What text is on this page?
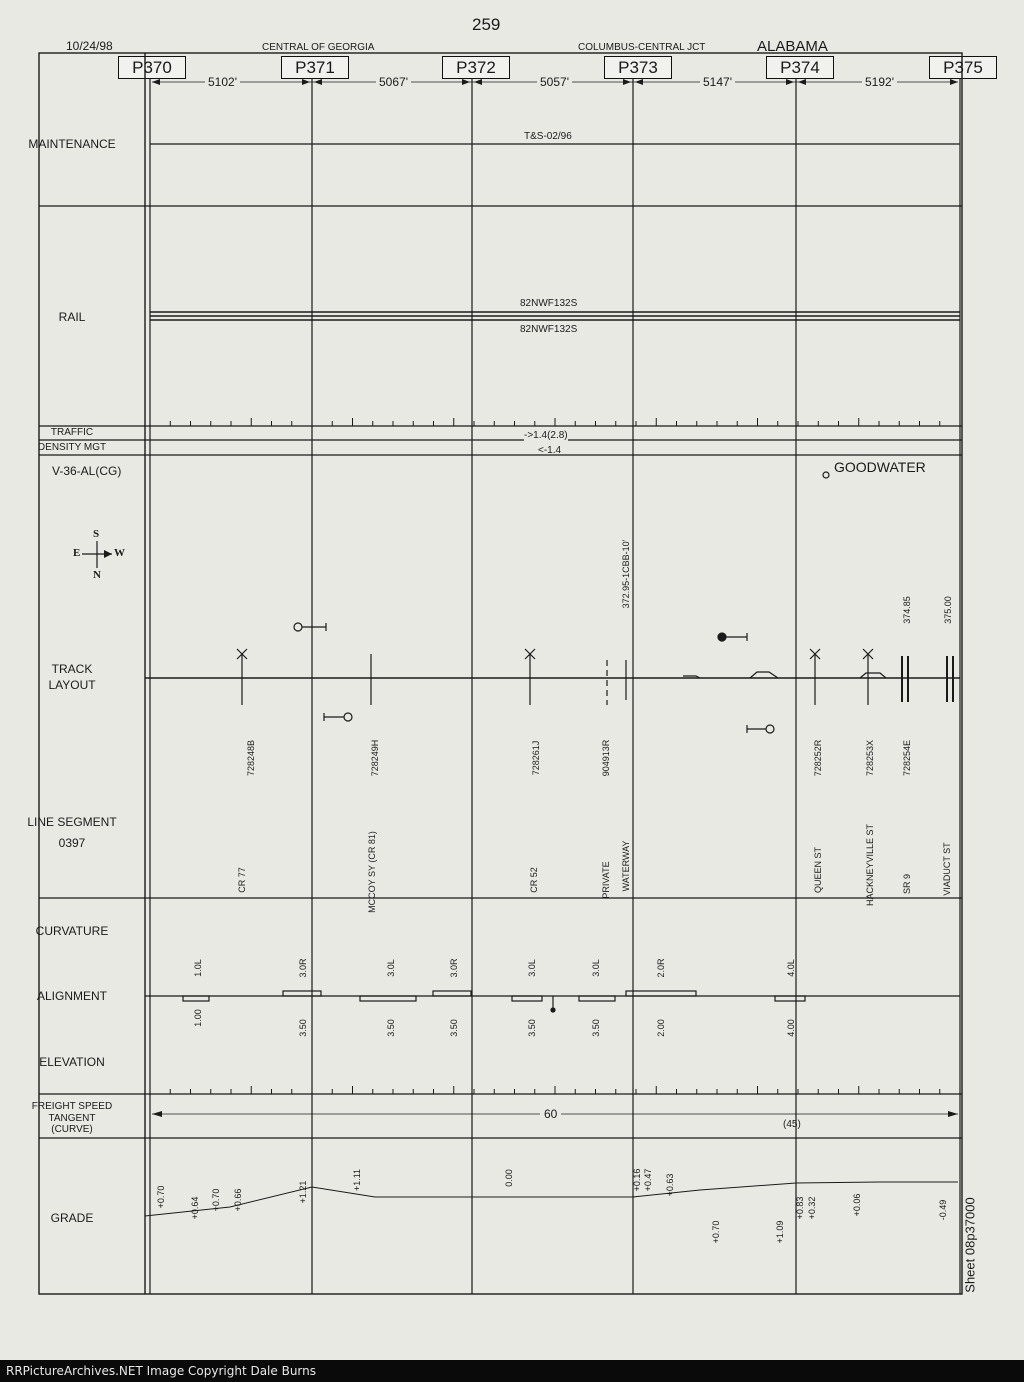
259
10/24/98	CENTRAL OF GEORGIA	COLUMBUS-CENTRAL JCT	ALABAMA
P370	P371	P372	P373	P374	P375
5102'	5067'	5057'	5147'	5192'
MAINTENANCE
RAIL
TRAFFIC
DENSITY MGT
V-36-AL(CG)
TRACK
LAYOUT
LINE SEGMENT
0397
CURVATURE
ALIGNMENT
ELEVATION
FREIGHT SPEED
TANGENT
(CURVE)
GRADE
S
E	W
N
T&S-02/96
82NWF132S
82NWF132S
->1.4(2.8)
<-1.4
GOODWATER
728248B
CR 77
728249H
MCCOY SY (CR 81)
728261J
CR 52
904913R
PRIVATE WATERWAY
728252R
QUEEN ST
728253X
HACKNEYVILLE ST
728254E
SR 9	VIADUCT ST
372.95-1CBB-10'
374.85	375.00
1.0L
1.00
3.0R
3.50
3.0L
3.50
3.0R
3.50
3.0L
3.50
3.0L
3.50
2.0R
2.00
4.0L
4.00
+0.70	+0.64 +0.70 +0.66	+1.21
+1.11	0.00	+0.16 +0.47 +0.63
+0.70	+1.09
+0.83 +0.32	+0.06	-0.49 Sheet 08p37000
60
(45)
RRPictureArchives.NET Image Copyright Dale Burns
